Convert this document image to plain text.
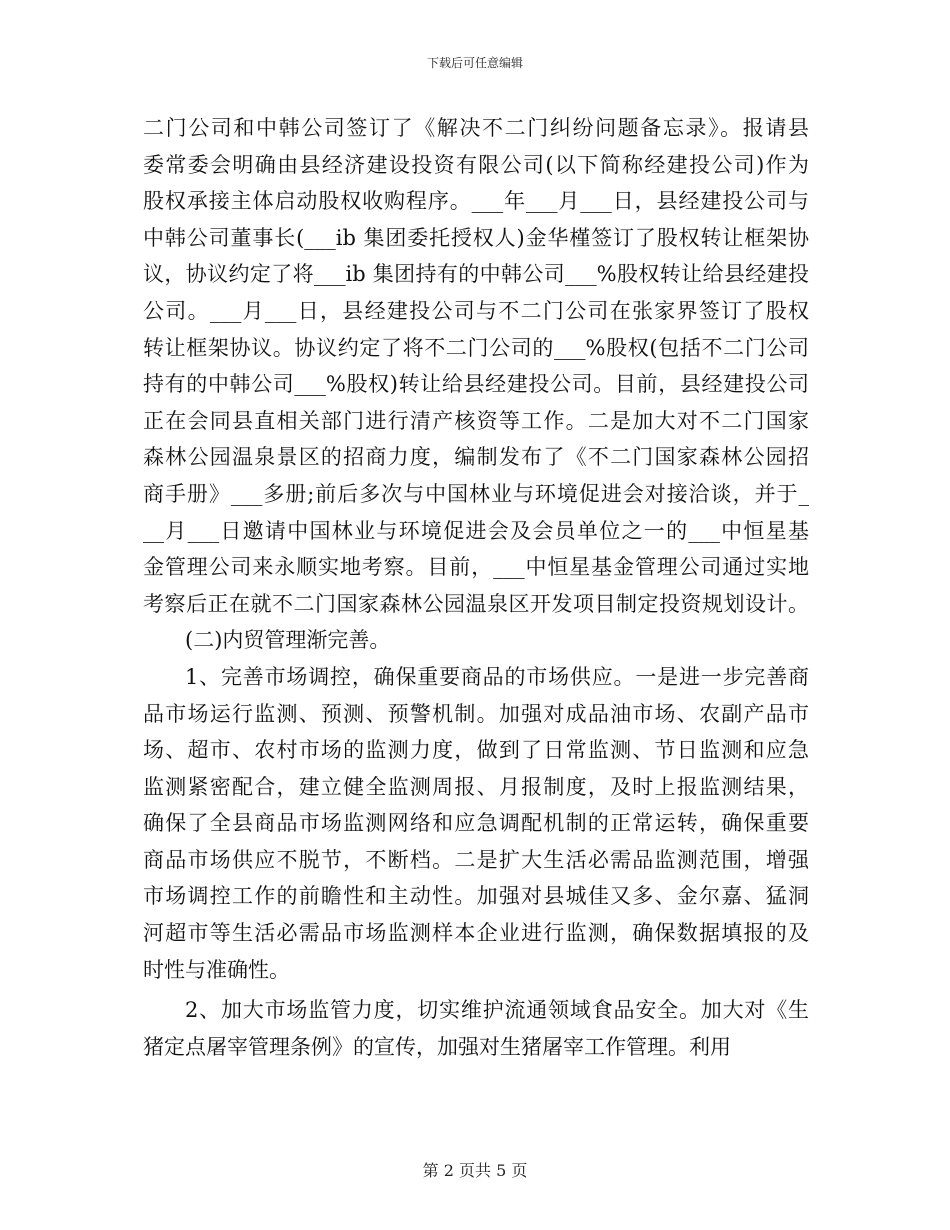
下载后可任意编辑
二门公司和中韩公司签订了《解决不二门纠纷问题备忘录》。报请县
委常委会明确由县经济建设投资有限公司(以下简称经建投公司)作为
股权承接主体启动股权收购程序。___年___月___日，县经建投公司与
中韩公司董事长(___ib 集团委托授权人)金华槿签订了股权转让框架协
议，协议约定了将___ib 集团持有的中韩公司___%股权转让给县经建投
公司。___月___日，县经建投公司与不二门公司在张家界签订了股权
转让框架协议。协议约定了将不二门公司的___%股权(包括不二门公司
持有的中韩公司___%股权)转让给县经建投公司。目前，县经建投公司
正在会同县直相关部门进行清产核资等工作。二是加大对不二门国家
森林公园温泉景区的招商力度，编制发布了《不二门国家森林公园招
商手册》___多册;前后多次与中国林业与环境促进会对接洽谈，并于_
__月___日邀请中国林业与环境促进会及会员单位之一的___中恒星基
金管理公司来永顺实地考察。目前，___中恒星基金管理公司通过实地
考察后正在就不二门国家森林公园温泉区开发项目制定投资规划设计。
(二)内贸管理渐完善。
1、完善市场调控，确保重要商品的市场供应。一是进一步完善商
品市场运行监测、预测、预警机制。加强对成品油市场、农副产品市
场、超市、农村市场的监测力度，做到了日常监测、节日监测和应急
监测紧密配合，建立健全监测周报、月报制度，及时上报监测结果，
确保了全县商品市场监测网络和应急调配机制的正常运转，确保重要
商品市场供应不脱节，不断档。二是扩大生活必需品监测范围，增强
市场调控工作的前瞻性和主动性。加强对县城佳又多、金尔嘉、猛洞
河超市等生活必需品市场监测样本企业进行监测，确保数据填报的及
时性与准确性。
2、加大市场监管力度，切实维护流通领域食品安全。加大对《生
猪定点屠宰管理条例》的宣传，加强对生猪屠宰工作管理。利用
第 2 页共 5 页
